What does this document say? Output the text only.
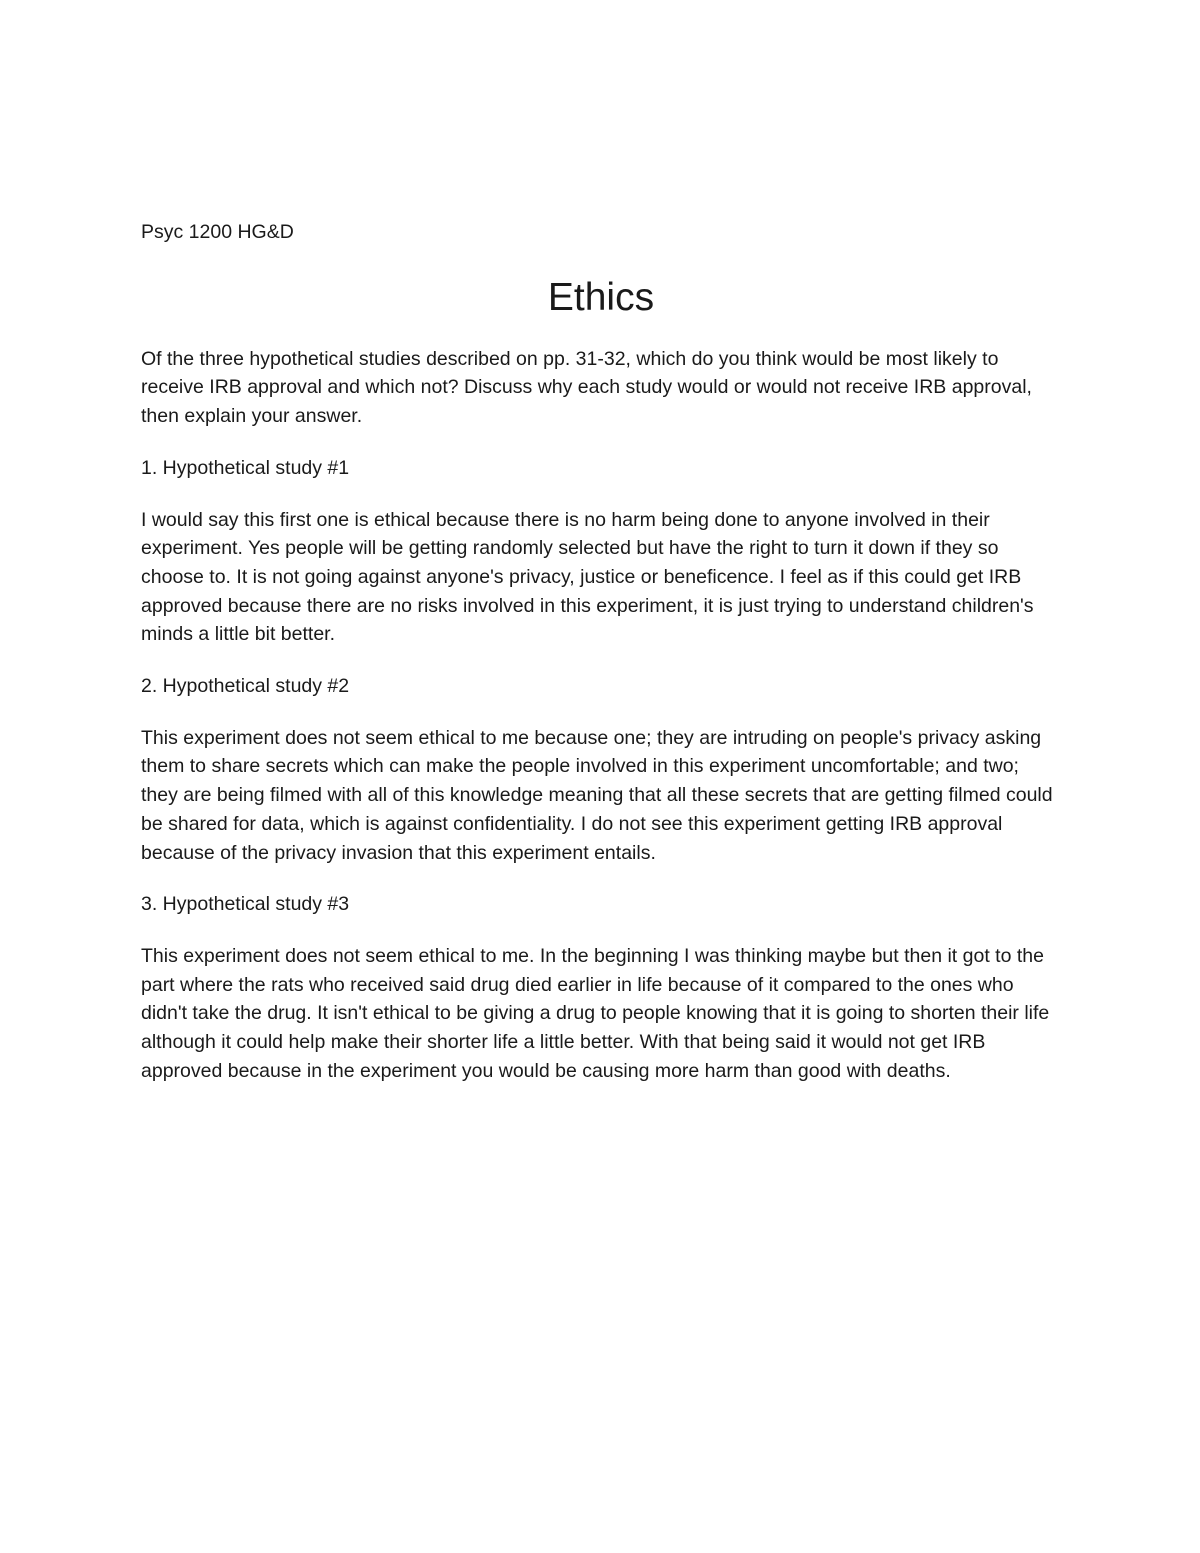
Psyc 1200 HG&D

Ethics

Of the three hypothetical studies described on pp. 31-32, which do you think would be most likely to receive IRB approval and which not? Discuss why each study would or would not receive IRB approval, then explain your answer.

1. Hypothetical study #1

I would say this first one is ethical because there is no harm being done to anyone involved in their experiment. Yes people will be getting randomly selected but have the right to turn it down if they so choose to. It is not going against anyone's privacy, justice or beneficence. I feel as if this could get IRB approved because there are no risks involved in this experiment, it is just trying to understand children's minds a little bit better.

2. Hypothetical study #2

This experiment does not seem ethical to me because one; they are intruding on people's privacy asking them to share secrets which can make the people involved in this experiment uncomfortable; and two; they are being filmed with all of this knowledge meaning that all these secrets that are getting filmed could be shared for data, which is against confidentiality. I do not see this experiment getting IRB approval because of the privacy invasion that this experiment entails.

3. Hypothetical study #3

This experiment does not seem ethical to me. In the beginning I was thinking maybe but then it got to the part where the rats who received said drug died earlier in life because of it compared to the ones who didn't take the drug. It isn't ethical to be giving a drug to people knowing that it is going to shorten their life although it could help make their shorter life a little better. With that being said it would not get IRB approved because in the experiment you would be causing more harm than good with deaths.
